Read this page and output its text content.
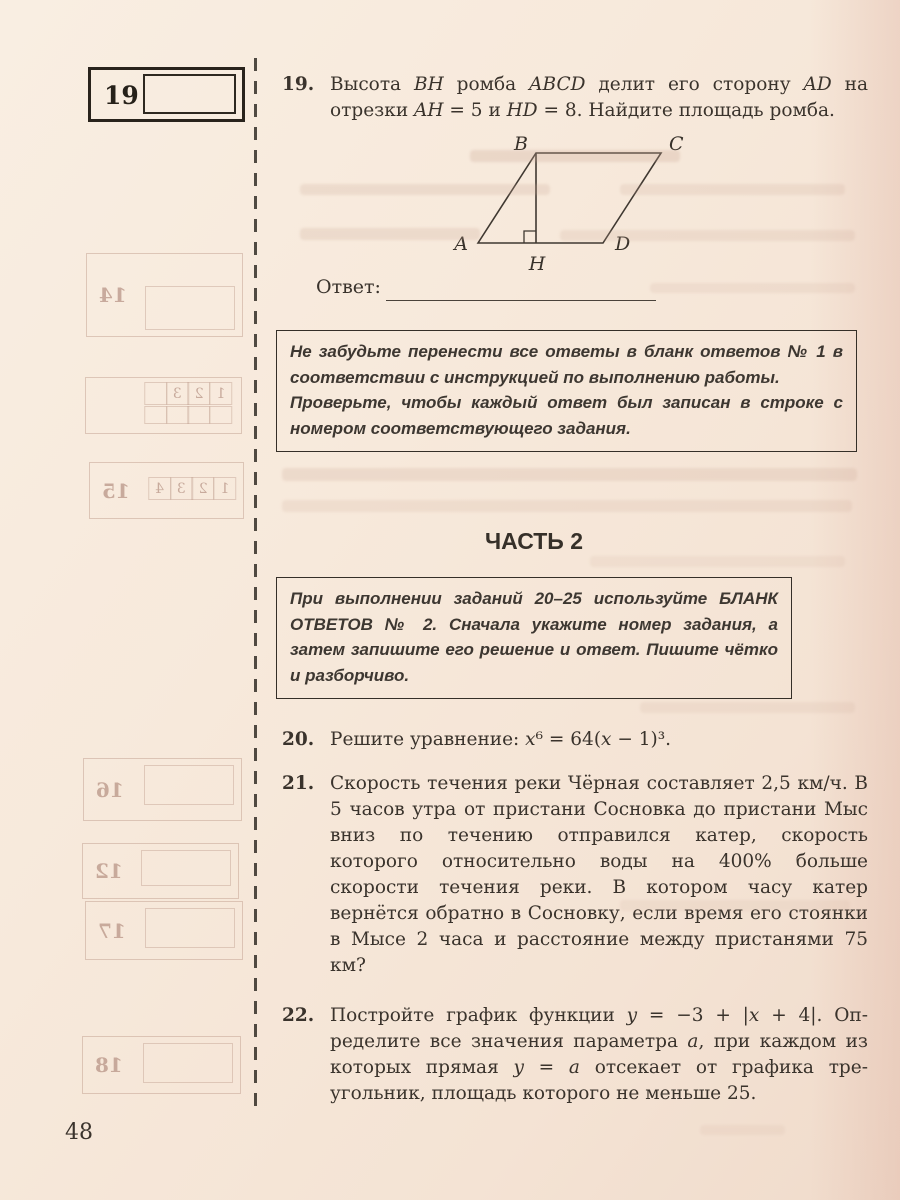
19
14
1
2
3
15	1
2
3
4
16
12
17
18
19. Высота BH ромба ABCD делит его сторону AD на отрезки AH = 5 и HD = 8. Найдите площадь ромба.
B	C
A	D
H
Ответ:

Не забудьте перенести все ответы в бланк ответов № 1 в соответствии с инструкцией по выполнению работы.

Проверьте, чтобы каждый ответ был записан в строке с номером соответствующего задания.

ЧАСТЬ 2

При выполнении заданий 20–25 используйте БЛАНК ОТВЕТОВ № 2. Сначала укажите номер задания, а затем запишите его решение и ответ. Пишите чётко и разборчиво.

20. Решите уравнение: x⁶ = 64(x − 1)³.
21. Скорость течения реки Чёрная составляет 2,5 км/ч. В 5 часов утра от пристани Сосновка до пристани Мыс вниз по течению отправился катер, скорость которого относительно воды на 400% больше скорости течения реки. В котором часу катер вернётся обратно в Сосновку, если время его стоянки в Мысе 2 часа и расстояние между пристанями 75 км?
22. Постройте график функции y = −3 + |x + 4|. Определите все значения параметра a, при каждом из которых прямая y = a отсекает от графика треугольник, площадь которого не меньше 25.
48
